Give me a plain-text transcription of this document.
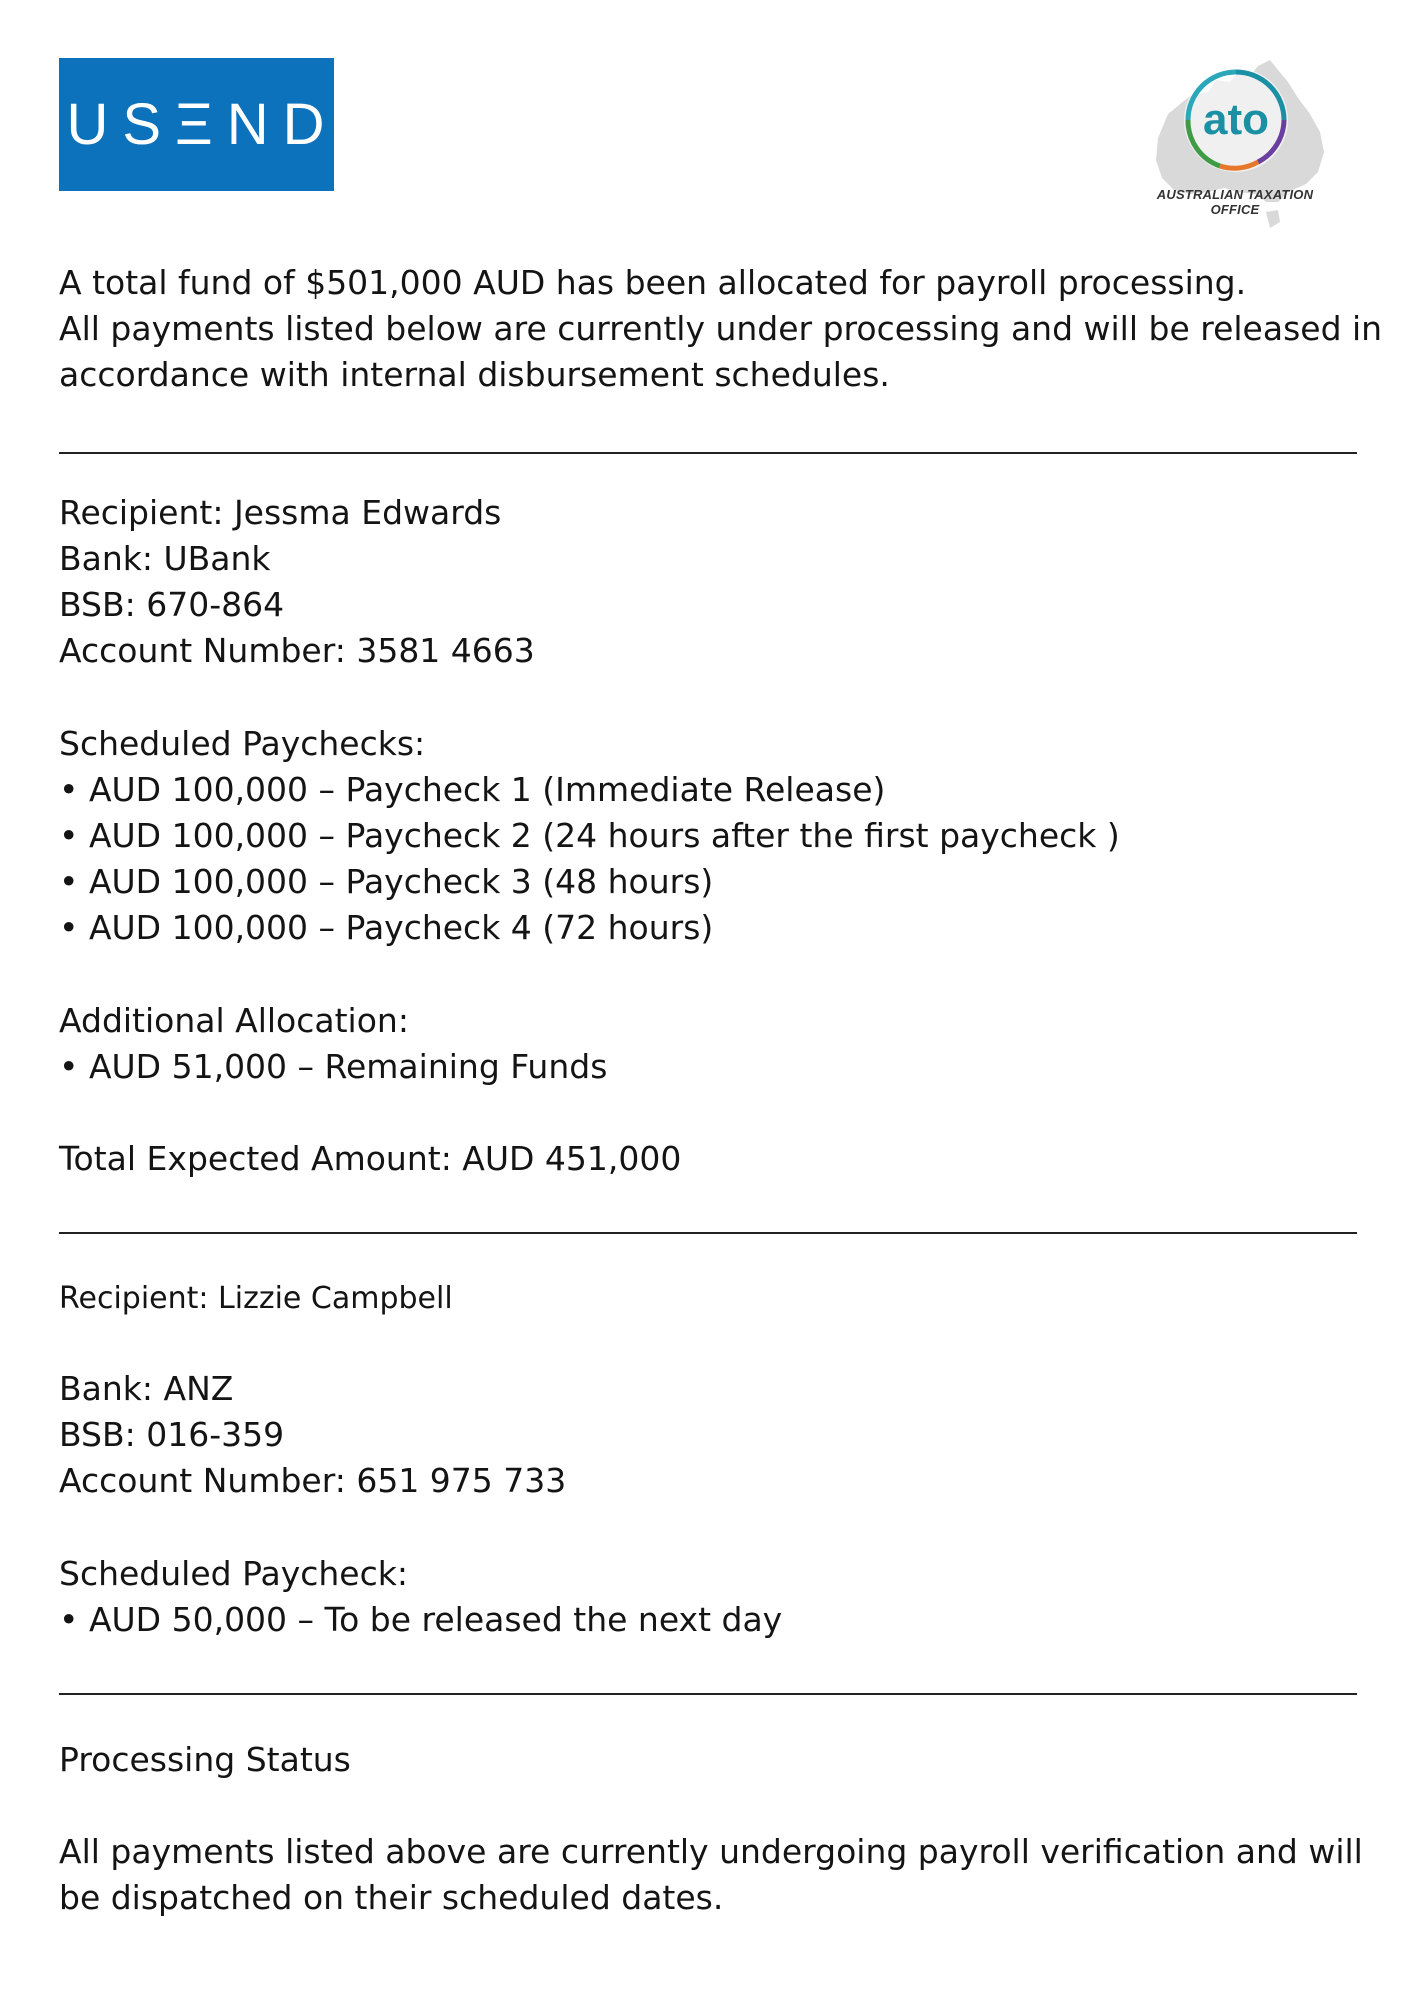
USΞND	ato
AUSTRALIAN TAXATION OFFICE
A total fund of $501,000 AUD has been allocated for payroll processing.
All payments listed below are currently under processing and will be released in
accordance with internal disbursement schedules.
Recipient: Jessma Edwards
Bank: UBank
BSB: 670-864
Account Number: 3581 4663
Scheduled Paychecks:
• AUD 100,000 – Paycheck 1 (Immediate Release)
• AUD 100,000 – Paycheck 2 (24 hours after the first paycheck )
• AUD 100,000 – Paycheck 3 (48 hours)
• AUD 100,000 – Paycheck 4 (72 hours)
Additional Allocation:
• AUD 51,000 – Remaining Funds
Total Expected Amount: AUD 451,000
Recipient: Lizzie Campbell
Bank: ANZ
BSB: 016-359
Account Number: 651 975 733
Scheduled Paycheck:
• AUD 50,000 – To be released the next day
Processing Status
All payments listed above are currently undergoing payroll verification and will
be dispatched on their scheduled dates.
